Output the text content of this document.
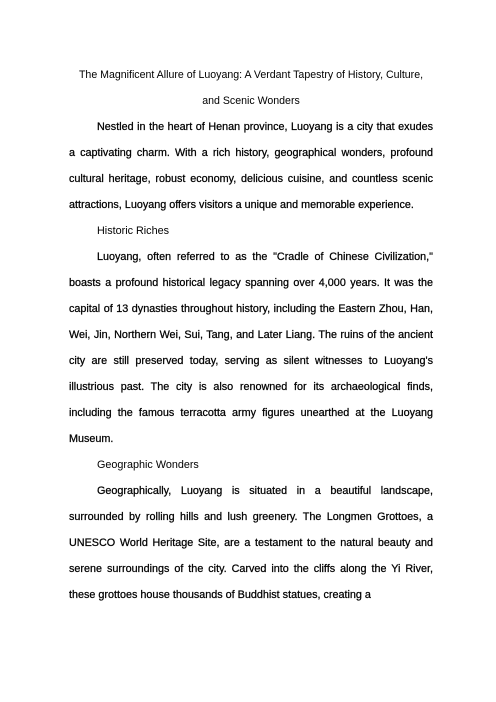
The Magnificent Allure of Luoyang: A Verdant Tapestry of History, Culture, and Scenic Wonders

Nestled in the heart of Henan province, Luoyang is a city that exudes a captivating charm. With a rich history, geographical wonders, profound cultural heritage, robust economy, delicious cuisine, and countless scenic attractions, Luoyang offers visitors a unique and memorable experience.

Historic Riches

Luoyang, often referred to as the "Cradle of Chinese Civilization," boasts a profound historical legacy spanning over 4,000 years. It was the capital of 13 dynasties throughout history, including the Eastern Zhou, Han, Wei, Jin, Northern Wei, Sui, Tang, and Later Liang. The ruins of the ancient city are still preserved today, serving as silent witnesses to Luoyang's illustrious past. The city is also renowned for its archaeological finds, including the famous terracotta army figures unearthed at the Luoyang Museum.

Geographic Wonders

Geographically, Luoyang is situated in a beautiful landscape, surrounded by rolling hills and lush greenery. The Longmen Grottoes, a UNESCO World Heritage Site, are a testament to the natural beauty and serene surroundings of the city. Carved into the cliffs along the Yi River, these grottoes house thousands of Buddhist statues, creating a
